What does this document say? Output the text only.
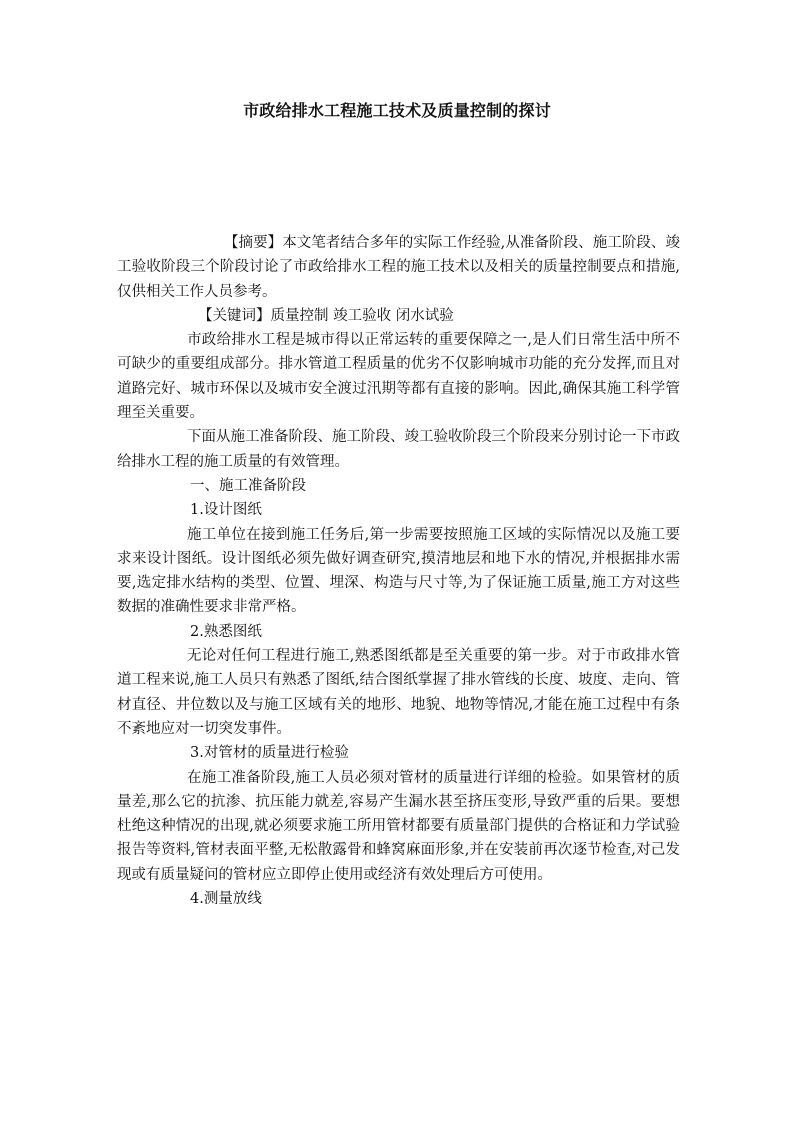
市政给排水工程施工技术及质量控制的探讨

【摘要】本文笔者结合多年的实际工作经验,从准备阶段、施工阶段、竣工验收阶段三个阶段讨论了市政给排水工程的施工技术以及相关的质量控制要点和措施,仅供相关工作人员参考。

【关键词】质量控制 竣工验收 闭水试验

市政给排水工程是城市得以正常运转的重要保障之一,是人们日常生活中所不可缺少的重要组成部分。排水管道工程质量的优劣不仅影响城市功能的充分发挥,而且对道路完好、城市环保以及城市安全渡过汛期等都有直接的影响。因此,确保其施工科学管理至关重要。

下面从施工准备阶段、施工阶段、竣工验收阶段三个阶段来分别讨论一下市政给排水工程的施工质量的有效管理。

一、施工准备阶段

1.设计图纸

施工单位在接到施工任务后,第一步需要按照施工区域的实际情况以及施工要求来设计图纸。设计图纸必须先做好调查研究,摸清地层和地下水的情况,并根据排水需要,选定排水结构的类型、位置、埋深、构造与尺寸等,为了保证施工质量,施工方对这些数据的准确性要求非常严格。

2.熟悉图纸

无论对任何工程进行施工,熟悉图纸都是至关重要的第一步。对于市政排水管道工程来说,施工人员只有熟悉了图纸,结合图纸掌握了排水管线的长度、坡度、走向、管材直径、井位数以及与施工区域有关的地形、地貌、地物等情况,才能在施工过程中有条不紊地应对一切突发事件。

3.对管材的质量进行检验

在施工准备阶段,施工人员必须对管材的质量进行详细的检验。如果管材的质量差,那么它的抗渗、抗压能力就差,容易产生漏水甚至挤压变形,导致严重的后果。要想杜绝这种情况的出现,就必须要求施工所用管材都要有质量部门提供的合格证和力学试验报告等资料,管材表面平整,无松散露骨和蜂窝麻面形象,并在安装前再次逐节检查,对己发现或有质量疑问的管材应立即停止使用或经济有效处理后方可使用。

4.测量放线
